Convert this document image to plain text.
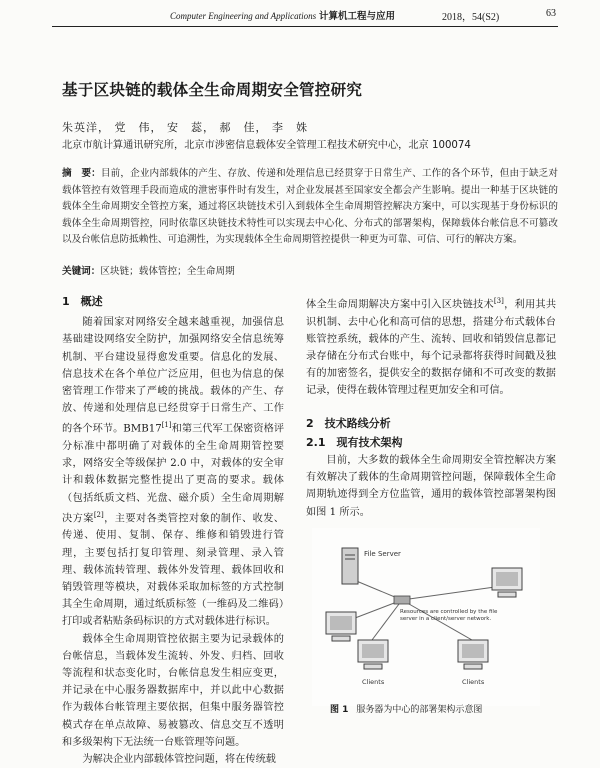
Computer Engineering and Applications 计算机工程与应用	2018，54(S2)	63
基于区块链的载体全生命周期安全管控研究
朱英洋， 党　伟， 安　蕊， 郝　佳， 李　姝
北京市航计算通讯研究所，北京市涉密信息载体安全管理工程技术研究中心，北京 100074
摘　要：目前，企业内部载体的产生、存放、传递和处理信息已经贯穿于日常生产、工作的各个环节，但由于缺乏对载体管控有效管理手段而造成的泄密事件时有发生，对企业发展甚至国家安全都会产生影响。提出一种基于区块链的载体全生命周期安全管控方案，通过将区块链技术引入到载体全生命周期管控解决方案中，可以实现基于身份标识的载体全生命周期管控，同时依靠区块链技术特性可以实现去中心化、分布式的部署架构，保障载体台帐信息不可篡改以及台帐信息防抵赖性、可追溯性，为实现载体全生命周期管控提供一种更为可靠、可信、可行的解决方案。
关键词：区块链；载体管控；全生命周期
1　概述

随着国家对网络安全越来越重视，加强信息基础建设网络安全防护，加强网络安全信息统筹机制、平台建设显得愈发重要。信息化的发展、信息技术在各个单位广泛应用，但也为信息的保密管理工作带来了严峻的挑战。载体的产生、存放、传递和处理信息已经贯穿于日常生产、工作的各个环节。BMB17[1]和第三代军工保密资格评分标准中都明确了对载体的全生命周期管控要求，网络安全等级保护 2.0 中，对载体的安全审计和载体数据完整性提出了更高的要求。载体（包括纸质文档、光盘、磁介质）全生命周期解决方案[2]，主要对各类管控对象的制作、收发、传递、使用、复制、保存、维修和销毁进行管理，主要包括打复印管理、刻录管理、录入管理、载体流转管理、载体外发管理、载体回收和销毁管理等模块，对载体采取加标签的方式控制其全生命周期，通过纸质标签（一维码及二维码）打印或者粘贴条码标识的方式对载体进行标识。

载体全生命周期管控依据主要为记录载体的台帐信息，当载体发生流转、外发、归档、回收等流程和状态变化时，台帐信息发生相应变更，并记录在中心服务器数据库中，并以此中心数据作为载体台帐管理主要依据，但集中服务器管控模式存在单点故障、易被篡改、信息交互不透明和多级架构下无法统一台账管理等问题。

为解决企业内部载体管控问题，将在传统载

体全生命周期解决方案中引入区块链技术[3]，利用其共识机制、去中心化和高可信的思想，搭建分布式载体台账管控系统，载体的产生、流转、回收和销毁信息都记录存储在分布式台账中，每个记录都将获得时间戳及独有的加密签名，提供安全的数据存储和不可改变的数据记录，使得在载体管理过程更加安全和可信。

2　技术路线分析
2.1　现有技术架构

目前，大多数的载体全生命周期安全管控解决方案有效解决了载体的生命周期管控问题，保障载体全生命周期轨迹得到全方位监管，通用的载体管控部署架构图如图 1 所示。

File Server
Resources are controlled by the file server in a client/server network.
Clients	Clients
图 1 服务器为中心的部署架构示意图
